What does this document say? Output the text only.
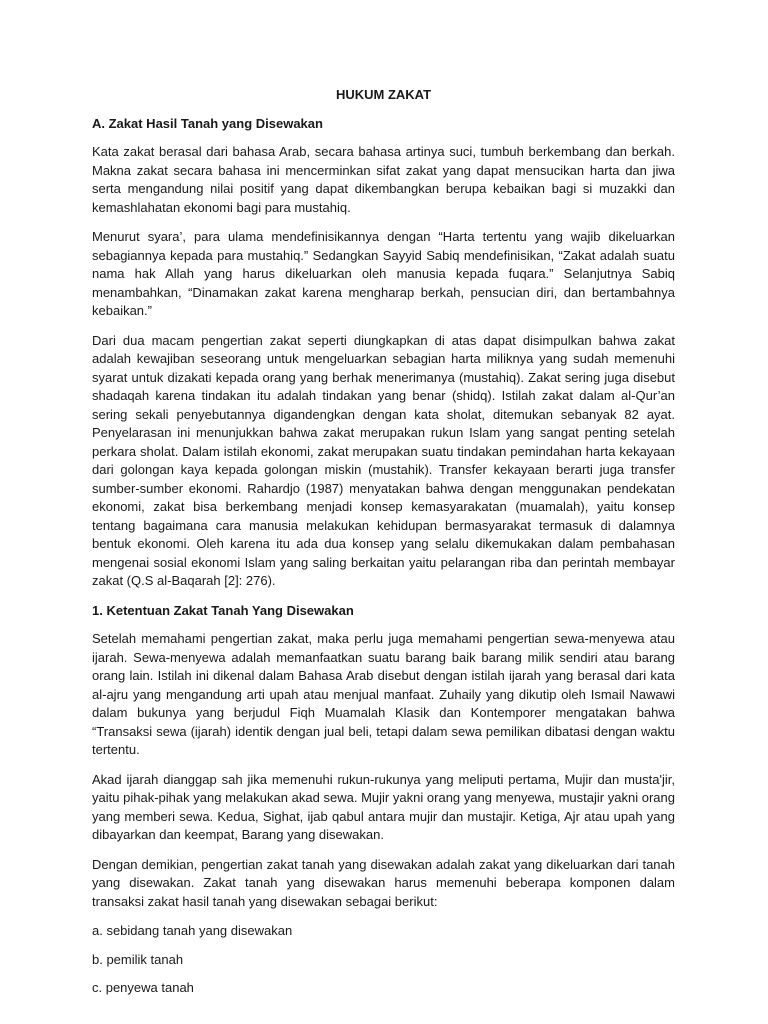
HUKUM ZAKAT
A. Zakat Hasil Tanah yang Disewakan

Kata zakat berasal dari bahasa Arab, secara bahasa artinya suci, tumbuh berkembang dan berkah. Makna zakat secara bahasa ini mencerminkan sifat zakat yang dapat mensucikan harta dan jiwa serta mengandung nilai positif yang dapat dikembangkan berupa kebaikan bagi si muzakki dan kemashlahatan ekonomi bagi para mustahiq.

Menurut syara’, para ulama mendefinisikannya dengan “Harta tertentu yang wajib dikeluarkan sebagiannya kepada para mustahiq.” Sedangkan Sayyid Sabiq mendefinisikan, “Zakat adalah suatu nama hak Allah yang harus dikeluarkan oleh manusia kepada fuqara.” Selanjutnya Sabiq menambahkan, “Dinamakan zakat karena mengharap berkah, pensucian diri, dan bertambahnya kebaikan.”

Dari dua macam pengertian zakat seperti diungkapkan di atas dapat disimpulkan bahwa zakat adalah kewajiban seseorang untuk mengeluarkan sebagian harta miliknya yang sudah memenuhi syarat untuk dizakati kepada orang yang berhak menerimanya (mustahiq). Zakat sering juga disebut shadaqah karena tindakan itu adalah tindakan yang benar (shidq). Istilah zakat dalam al-Qur’an sering sekali penyebutannya digandengkan dengan kata sholat, ditemukan sebanyak 82 ayat. Penyelarasan ini menunjukkan bahwa zakat merupakan rukun Islam yang sangat penting setelah perkara sholat. Dalam istilah ekonomi, zakat merupakan suatu tindakan pemindahan harta kekayaan dari golongan kaya kepada golongan miskin (mustahik). Transfer kekayaan berarti juga transfer sumber-sumber ekonomi. Rahardjo (1987) menyatakan bahwa dengan menggunakan pendekatan ekonomi, zakat bisa berkembang menjadi konsep kemasyarakatan (muamalah), yaitu konsep tentang bagaimana cara manusia melakukan kehidupan bermasyarakat termasuk di dalamnya bentuk ekonomi. Oleh karena itu ada dua konsep yang selalu dikemukakan dalam pembahasan mengenai sosial ekonomi Islam yang saling berkaitan yaitu pelarangan riba dan perintah membayar zakat (Q.S al-Baqarah [2]: 276).

1. Ketentuan Zakat Tanah Yang Disewakan

Setelah memahami pengertian zakat, maka perlu juga memahami pengertian sewa-menyewa atau ijarah. Sewa-menyewa adalah memanfaatkan suatu barang baik barang milik sendiri atau barang orang lain. Istilah ini dikenal dalam Bahasa Arab disebut dengan istilah ijarah yang berasal dari kata al-ajru yang mengandung arti upah atau menjual manfaat. Zuhaily yang dikutip oleh Ismail Nawawi dalam bukunya yang berjudul Fiqh Muamalah Klasik dan Kontemporer mengatakan bahwa “Transaksi sewa (ijarah) identik dengan jual beli, tetapi dalam sewa pemilikan dibatasi dengan waktu tertentu.

Akad ijarah dianggap sah jika memenuhi rukun-rukunya yang meliputi pertama, Mujir dan musta'jir, yaitu pihak-pihak yang melakukan akad sewa. Mujir yakni orang yang menyewa, mustajir yakni orang yang memberi sewa. Kedua, Sighat, ijab qabul antara mujir dan mustajir. Ketiga, Ajr atau upah yang dibayarkan dan keempat, Barang yang disewakan.

Dengan demikian, pengertian zakat tanah yang disewakan adalah zakat yang dikeluarkan dari tanah yang disewakan. Zakat tanah yang disewakan harus memenuhi beberapa komponen dalam transaksi zakat hasil tanah yang disewakan sebagai berikut:

a. sebidang tanah yang disewakan
b. pemilik tanah
c. penyewa tanah
